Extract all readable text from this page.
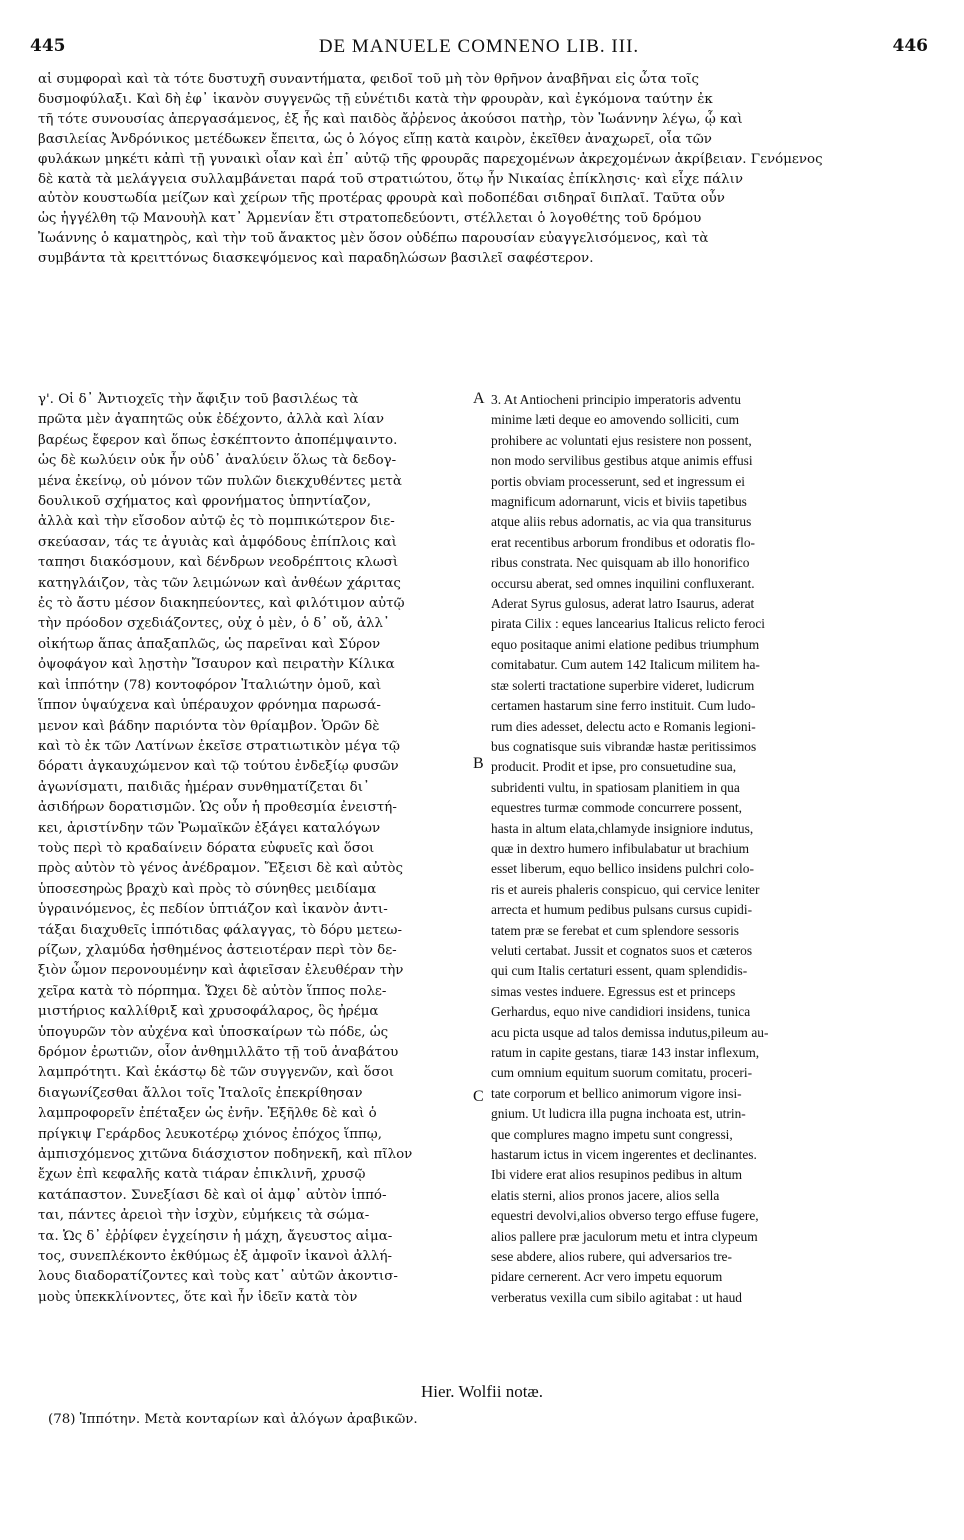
445	DE MANUELE COMNENO LIB. III.	446
αἱ συμφοραὶ καὶ τὰ τότε δυστυχῆ συναντήματα, φειδοῖ τοῦ μὴ τὸν θρῆνον ἀναβῆναι εἰς ὦτα τοῖς
δυσμοφύλαξι. Καὶ δὴ ἐφ᾽ ἱκανὸν συγγενῶς τῇ εὐνέτιδι κατὰ τὴν φρουρὰν, καὶ ἐγκόμονα ταύτην ἐκ
τῆ τότε συνουσίας ἀπεργασάμενος, ἐξ ἧς καὶ παιδὸς ἄῤῥενος ἀκούσοι πατὴρ, τὸν Ἰωάννην λέγω, ᾧ καὶ
βασιλείας Ἀνδρόνικος μετέδωκεν ἔπειτα, ὡς ὁ λόγος εἴπῃ κατὰ καιρὸν, ἐκεῖθεν ἀναχωρεῖ, οἷα τῶν
φυλάκων μηκέτι κἀπὶ τῇ γυναικὶ οἷαν καὶ ἐπ᾽ αὐτῷ τῆς φρουρᾶς παρεχομένων ἀκρεχομένων ἀκρίβειαν. Γενόμενος
δὲ κατὰ τὰ μελάγγεια συλλαμβάνεται παρά τοῦ στρατιώτου, ὅτῳ ἦν Νικαίας ἐπίκλησις· καὶ εἶχε πάλιν
αὐτὸν κουστωδία μείζων καὶ χείρων τῆς προτέρας φρουρὰ καὶ ποδοπέδαι σιδηραῖ διπλαῖ. Ταῦτα οὖν
ὡς ἠγγέλθη τῷ Μανουὴλ κατ᾽ Ἀρμενίαν ἔτι στρατοπεδεύοντι, στέλλεται ὁ λογοθέτης τοῦ δρόμου
Ἰωάννης ὁ καματηρὸς, καὶ τὴν τοῦ ἄνακτος μὲν ὅσον οὐδέπω παρουσίαν εὐαγγελισόμενος, καὶ τὰ
συμβάντα τὰ κρειττόνως διασκεψόμενος καὶ παραδηλώσων βασιλεῖ σαφέστερον.
γ'. Οἱ δ᾽ Ἀντιοχεῖς τὴν ἄφιξιν τοῦ βασιλέως τὰ
πρῶτα μὲν ἀγαπητῶς οὐκ ἐδέχοντο, ἀλλὰ καὶ λίαν
βαρέως ἔφερον καὶ ὅπως ἐσκέπτοντο ἀποπέμψαιντο.
ὡς δὲ κωλύειν οὐκ ἦν οὐδ᾽ ἀναλύειν ὅλως τὰ δεδογ-
μένα ἐκείνῳ, οὐ μόνον τῶν πυλῶν διεκχυθέντες μετὰ
δουλικοῦ σχήματος καὶ φρονήματος ὑπηντίαζον,
ἀλλὰ καὶ τὴν εἴσοδον αὐτῷ ἐς τὸ πομπικώτερον διε-
σκεύασαν, τάς τε ἀγυιὰς καὶ ἀμφόδους ἐπίπλοις καὶ
ταπησι διακόσμουν, καὶ δένδρων νεοδρέπτοις κλωσὶ
κατηγλάιζον, τὰς τῶν λειμώνων καὶ ἀνθέων χάριτας
ἐς τὸ ἄστυ μέσον διακηπεύοντες, καὶ φιλότιμον αὐτῷ
τὴν πρόοδον σχεδιάζοντες, οὐχ ὁ μὲν, ὁ δ᾽ οὔ, ἀλλ᾽
οἰκήτωρ ἅπας ἁπαξαπλῶς, ὡς παρεῖναι καὶ Σύρον
ὀψοφάγον καὶ λῃστὴν Ἴσαυρον καὶ πειρατὴν Κίλικα
καὶ ἱππότην (78) κοντοφόρον Ἰταλιώτην ὁμοῦ, καὶ
ἵππον ὑψαύχενα καὶ ὑπέραυχον φρόνημα παρωσά-
μενον καὶ βάδην παριόντα τὸν θρίαμβον. Ὁρῶν δὲ
καὶ τὸ ἐκ τῶν Λατίνων ἐκεῖσε στρατιωτικὸν μέγα τῷ
δόρατι ἀγκαυχώμενον καὶ τῷ τούτου ἐνδεξίῳ φυσῶν
ἀγωνίσματι, παιδιᾶς ἡμέραν συνθηματίζεται δι᾽
ἀσιδήρων δορατισμῶν. Ὡς οὖν ἡ προθεσμία ἐνειστή-
κει, ἀριστίνδην τῶν Ῥωμαϊκῶν ἐξάγει καταλόγων
τοὺς περὶ τὸ κραδαίνειν δόρατα εὐφυεῖς καὶ ὅσοι
πρὸς αὐτὸν τὸ γένος ἀνέδραμον. Ἔξεισι δὲ καὶ αὐτὸς
ὑποσεσηρὼς βραχὺ καὶ πρὸς τὸ σύνηθες μειδίαμα
ὑγραινόμενος, ἐς πεδίον ὑπτιάζον καὶ ἱκανὸν ἀντι-
τάξαι διαχυθεῖς ἱππότιδας φάλαγγας, τὸ δόρυ μετεω-
ρίζων, χλαμύδα ἠσθημένος ἀστειοτέραν περὶ τὸν δε-
ξιὸν ὦμον περονουμένην καὶ ἀφιεῖσαν ἐλευθέραν τὴν
χεῖρα κατὰ τὸ πόρπημα. Ὤχει δὲ αὐτὸν ἵππος πολε-
μιστήριος καλλίθριξ καὶ χρυσοφάλαρος, ὃς ἠρέμα
ὑπογυρῶν τὸν αὐχένα καὶ ὑποσκαίρων τὼ πόδε, ὡς
δρόμον ἐρωτιῶν, οἷον ἀνθημιλλᾶτο τῇ τοῦ ἀναβάτου
λαμπρότητι. Καὶ ἑκάστῳ δὲ τῶν συγγενῶν, καὶ ὅσοι
διαγωνίζεσθαι ἄλλοι τοῖς Ἰταλοῖς ἐπεκρίθησαν
λαμπροφορεῖν ἐπέταξεν ὡς ἐνῆν. Ἐξῆλθε δὲ καὶ ὁ
πρίγκιψ Γεράρδος λευκοτέρῳ χιόνος ἐπόχος ἵππῳ,
ἀμπισχόμενος χιτῶνα διάσχιστον ποδηνεκῆ, καὶ πῖλον
ἔχων ἐπὶ κεφαλῆς κατὰ τιάραν ἐπικλινῆ, χρυσῷ
κατάπαστον. Συνεξίασι δὲ καὶ οἱ ἀμφ᾽ αὐτὸν ἱππό-
ται, πάντες ἀρειοὶ τὴν ἰσχὺν, εὐμήκεις τὰ σώμα-
τα. Ὡς δ᾽ ἐῤῥίφεν ἐγχείησιν ἡ μάχη, ἄγευστος αἱμα-
τος, συνεπλέκοντο ἐκθύμως ἐξ ἀμφοῖν ἱκανοὶ ἀλλή-
λους διαδορατίζοντες καὶ τοὺς κατ᾽ αὐτῶν ἀκοντισ-
μοὺς ὑπεκκλίνοντες, ὅτε καὶ ἦν ἰδεῖν κατὰ τὸν
3. At Antiocheni principio imperatoris adventu
minime læti deque eo amovendo solliciti, cum
prohibere ac voluntati ejus resistere non possent,
non modo servilibus gestibus atque animis effusi
portis obviam processerunt, sed et ingressum ei
magnificum adornarunt, vicis et biviis tapetibus
atque aliis rebus adornatis, ac via qua transiturus
erat recentibus arborum frondibus et odoratis flo-
ribus constrata. Nec quisquam ab illo honorifico
occursu aberat, sed omnes inquilini confluxerant.
Aderat Syrus gulosus, aderat latro Isaurus, aderat
pirata Cilix : eques lancearius Italicus relicto feroci
equo positaque animi elatione pedibus triumphum
comitabatur. Cum autem 142 Italicum militem ha-
stæ solerti tractatione superbire videret, ludicrum
certamen hastarum sine ferro instituit. Cum ludo-
rum dies adesset, delectu acto e Romanis legioni-
bus cognatisque suis vibrandæ hastæ peritissimos
producit. Prodit et ipse, pro consuetudine sua,
subridenti vultu, in spatiosam planitiem in qua
equestres turmæ commode concurrere possent,
hasta in altum elata,chlamyde insigniore indutus,
quæ in dextro humero infibulabatur ut brachium
esset liberum, equo bellico insidens pulchri colo-
ris et aureis phaleris conspicuo, qui cervice leniter
arrecta et humum pedibus pulsans cursus cupidi-
tatem præ se ferebat et cum splendore sessoris
veluti certabat. Jussit et cognatos suos et cæteros
qui cum Italis certaturi essent, quam splendidis-
simas vestes induere. Egressus est et princeps
Gerhardus, equo nive candidiori insidens, tunica
acu picta usque ad talos demissa indutus,pileum au-
ratum in capite gestans, tiaræ 143 instar inflexum,
cum omnium equitum suorum comitatu, proceri-
tate corporum et bellico animorum vigore insi-
gnium. Ut ludicra illa pugna inchoata est, utrin-
que complures magno impetu sunt congressi,
hastarum ictus in vicem ingerentes et declinantes.
Ibi videre erat alios resupinos pedibus in altum
elatis sterni, alios pronos jacere, alios sella
equestri devolvi,alios obverso tergo effuse fugere,
alios pallere præ jaculorum metu et intra clypeum
sese abdere, alios rubere, qui adversarios tre-
pidare cernerent. Acr vero impetu equorum
verberatus vexilla cum sibilo agitabat : ut haud
A
B
C
Hier. Wolfii notæ.
(78) Ἱππότην. Μετὰ κονταρίων καὶ ἀλόγων ἀραβικῶν.
